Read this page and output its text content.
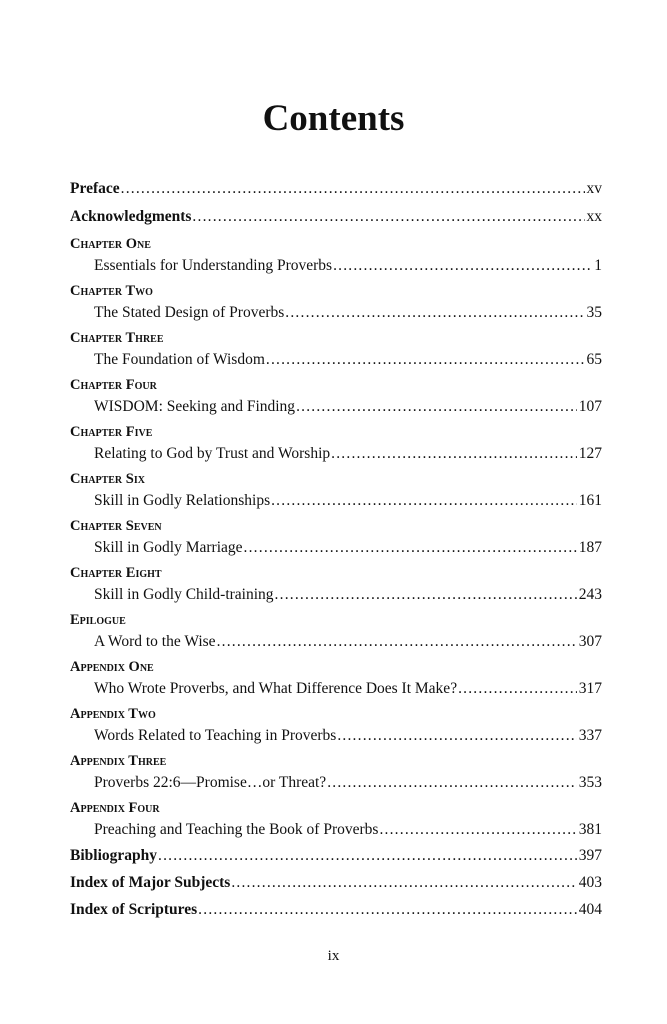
Contents
Preface .....	xv
Acknowledgments .....	xx
Chapter One
Essentials for Understanding Proverbs .....	1
Chapter Two
The Stated Design of Proverbs .....	35
Chapter Three
The Foundation of Wisdom .....	65
Chapter Four
WISDOM: Seeking and Finding .....	107
Chapter Five
Relating to God by Trust and Worship .....	127
Chapter Six
Skill in Godly Relationships .....	161
Chapter Seven
Skill in Godly Marriage .....	187
Chapter Eight
Skill in Godly Child-training .....	243
Epilogue
A Word to the Wise .....	307
Appendix One
Who Wrote Proverbs, and What Difference Does It Make? .....	317
Appendix Two
Words Related to Teaching in Proverbs .....	337
Appendix Three
Proverbs 22:6—Promise…or Threat? .....	353
Appendix Four
Preaching and Teaching the Book of Proverbs .....	381
Bibliography .....	397
Index of Major Subjects .....	403
Index of Scriptures .....	404
ix
